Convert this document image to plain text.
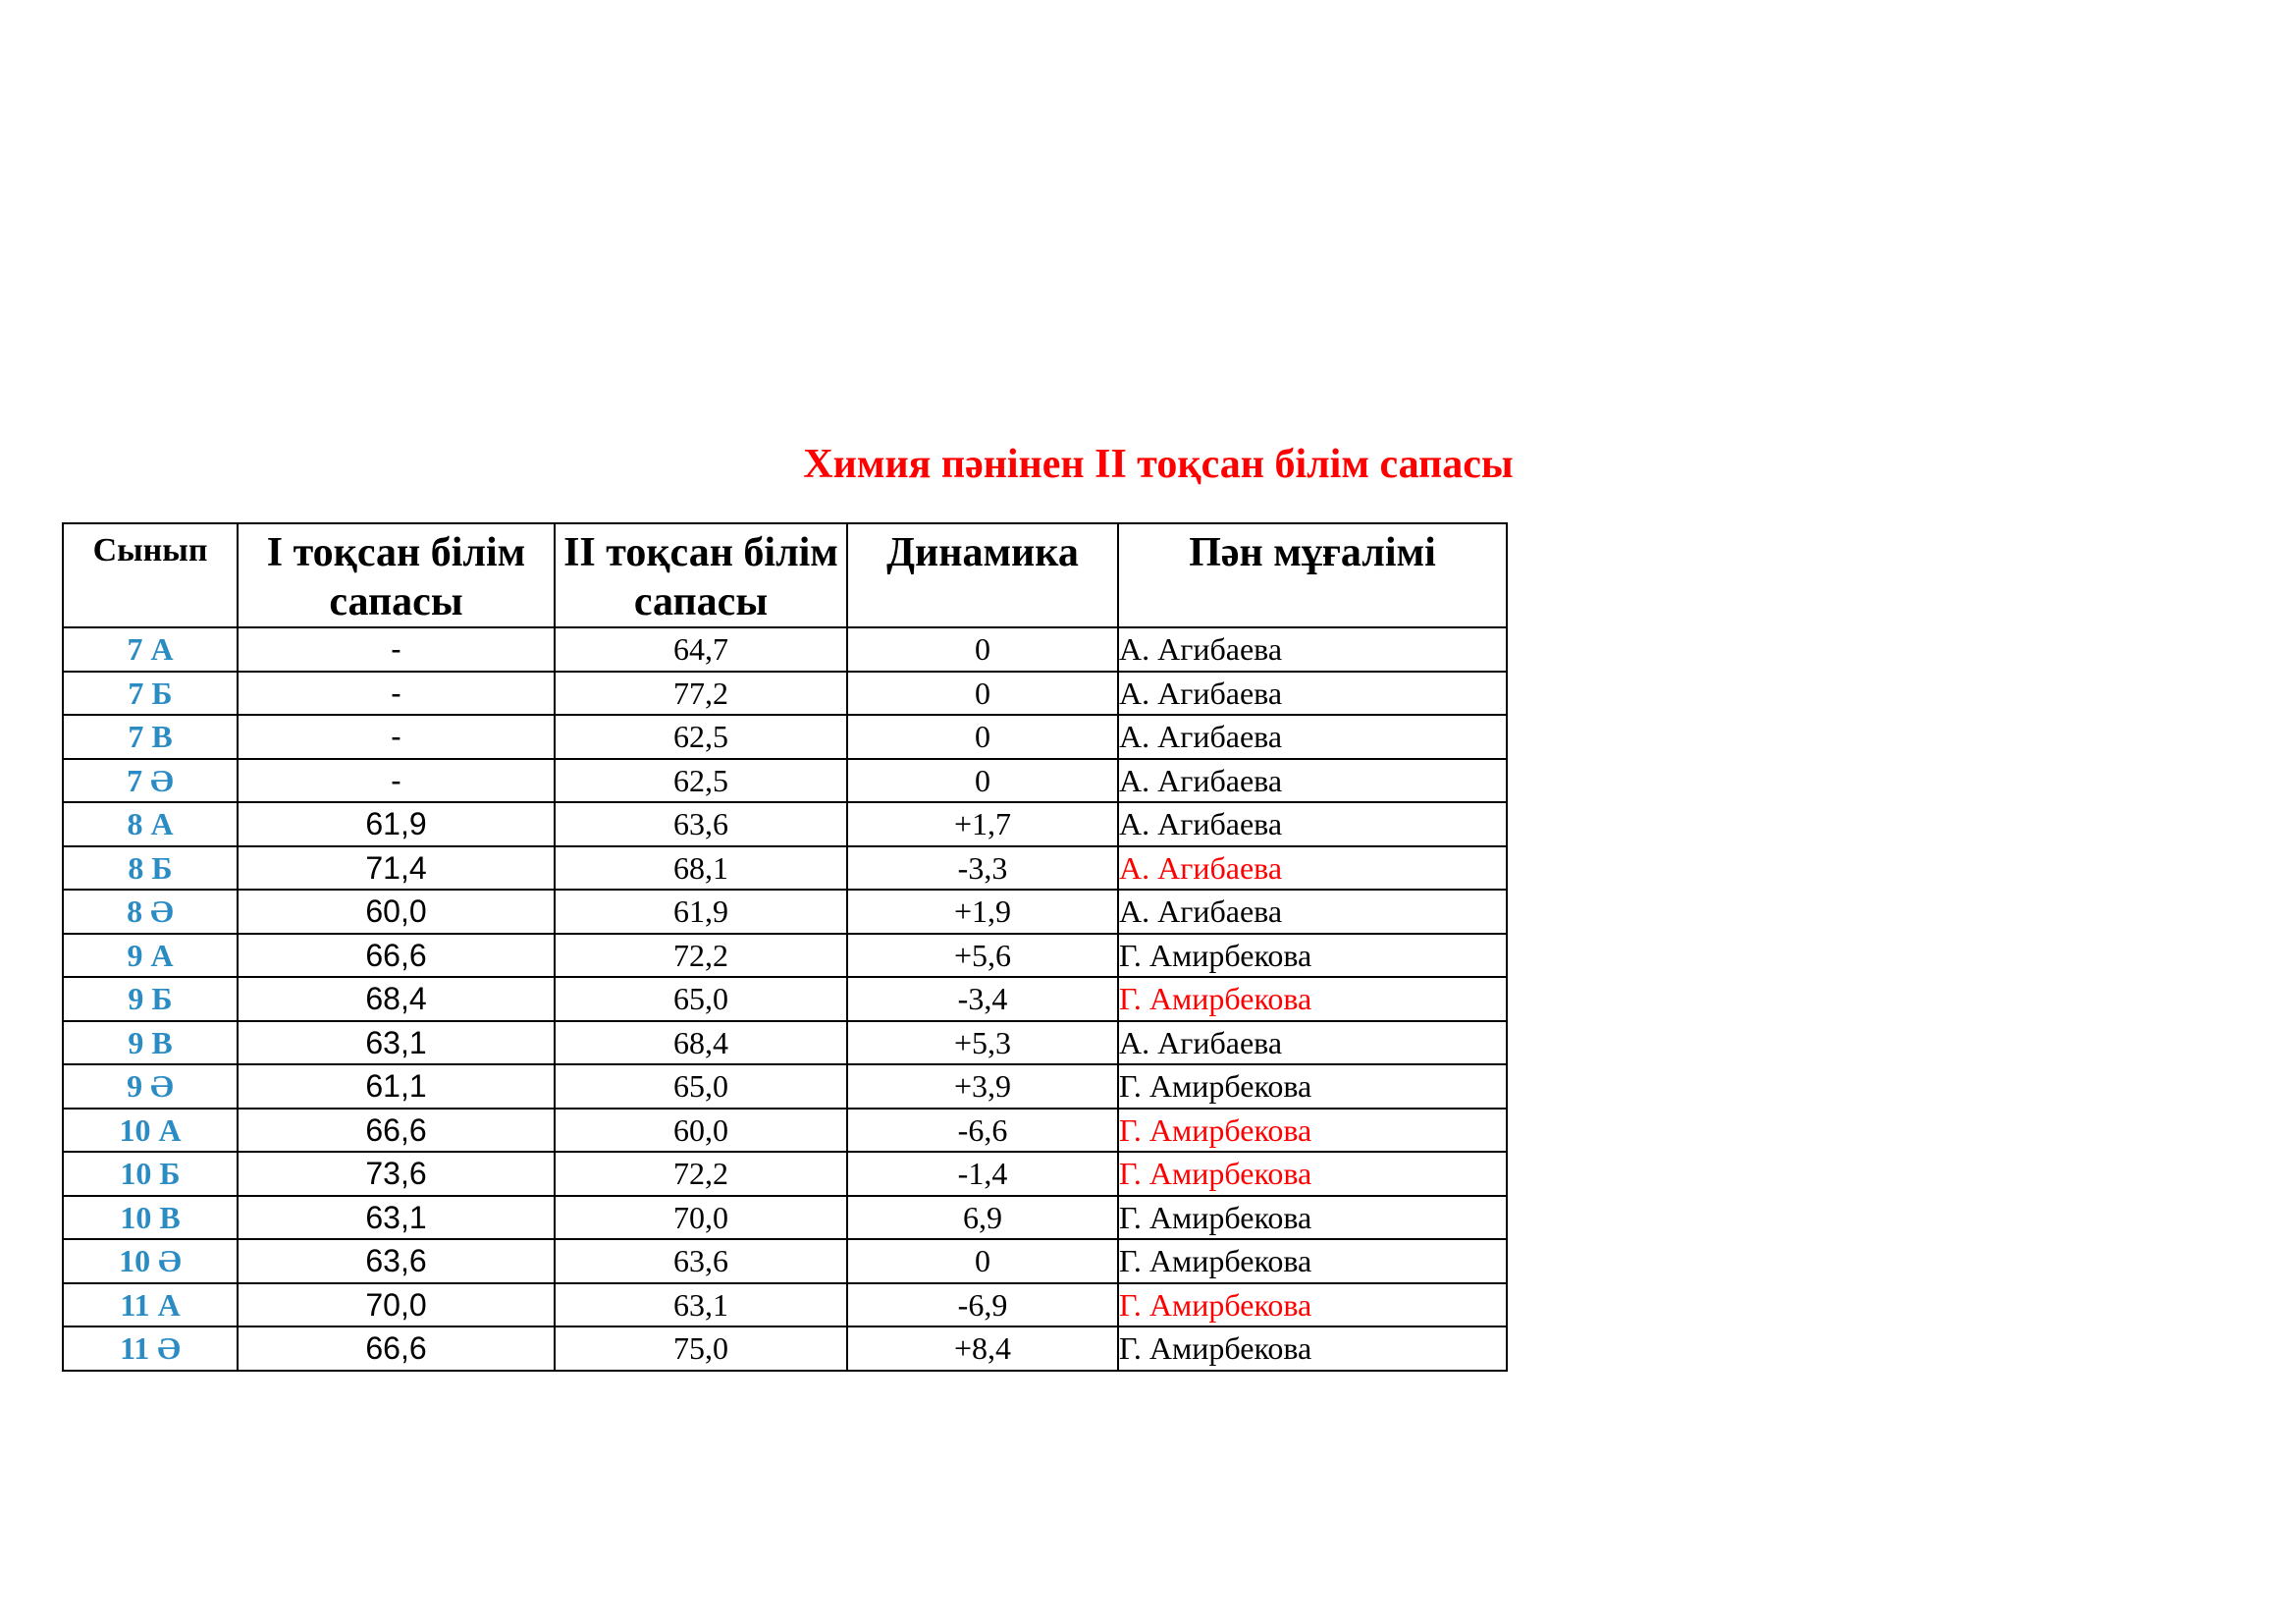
Химия пәнінен II тоқсан білім сапасы
Сынып	I тоқсан білім сапасы	II тоқсан білім сапасы	Динамика	Пән мұғалімі
7 А	-	64,7	0	А. Агибаева
7 Б	-	77,2	0	А. Агибаева
7 В	-	62,5	0	А. Агибаева
7 Ә	-	62,5	0	А. Агибаева
8 А	61,9	63,6	+1,7	А. Агибаева
8 Б	71,4	68,1	-3,3	А. Агибаева
8 Ә	60,0	61,9	+1,9	А. Агибаева
9 А	66,6	72,2	+5,6	Г. Амирбекова
9 Б	68,4	65,0	-3,4	Г. Амирбекова
9 В	63,1	68,4	+5,3	А. Агибаева
9 Ә	61,1	65,0	+3,9	Г. Амирбекова
10 А	66,6	60,0	-6,6	Г. Амирбекова
10 Б	73,6	72,2	-1,4	Г. Амирбекова
10 В	63,1	70,0	6,9	Г. Амирбекова
10 Ә	63,6	63,6	0	Г. Амирбекова
11 А	70,0	63,1	-6,9	Г. Амирбекова
11 Ә	66,6	75,0	+8,4	Г. Амирбекова
